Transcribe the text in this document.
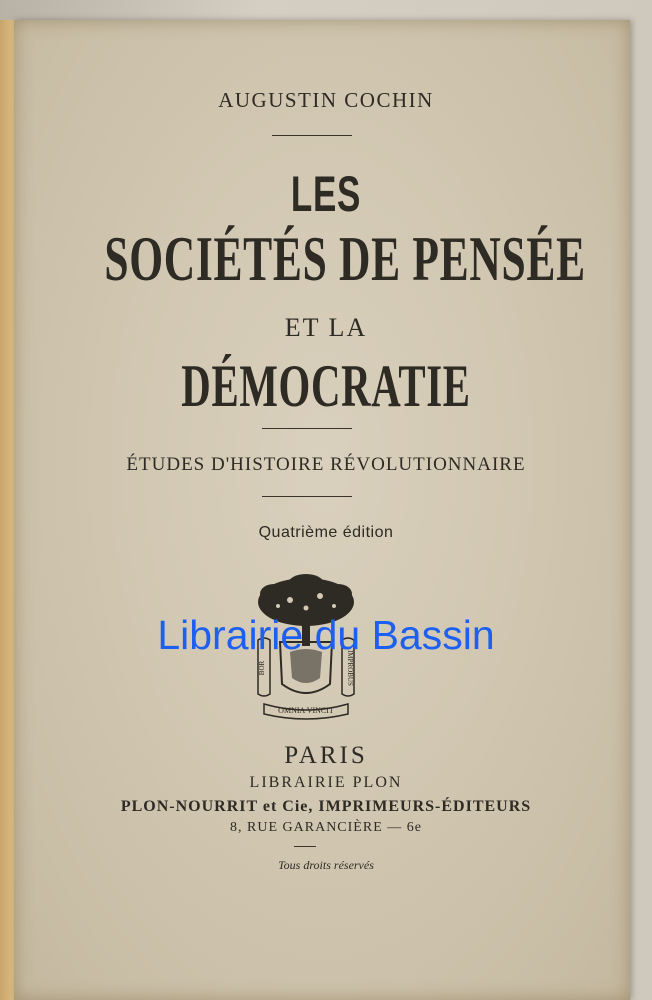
AUGUSTIN COCHIN
LES
SOCIÉTÉS DE PENSÉE
ET LA
DÉMOCRATIE
ÉTUDES D'HISTOIRE RÉVOLUTIONNAIRE
Quatrième édition
BOR	IMPROBUS
OMNIA VINCIT
Librairie du Bassin
PARIS
LIBRAIRIE PLON
PLON-NOURRIT et Cie, IMPRIMEURS-ÉDITEURS
8, RUE GARANCIÈRE — 6e
Tous droits réservés
